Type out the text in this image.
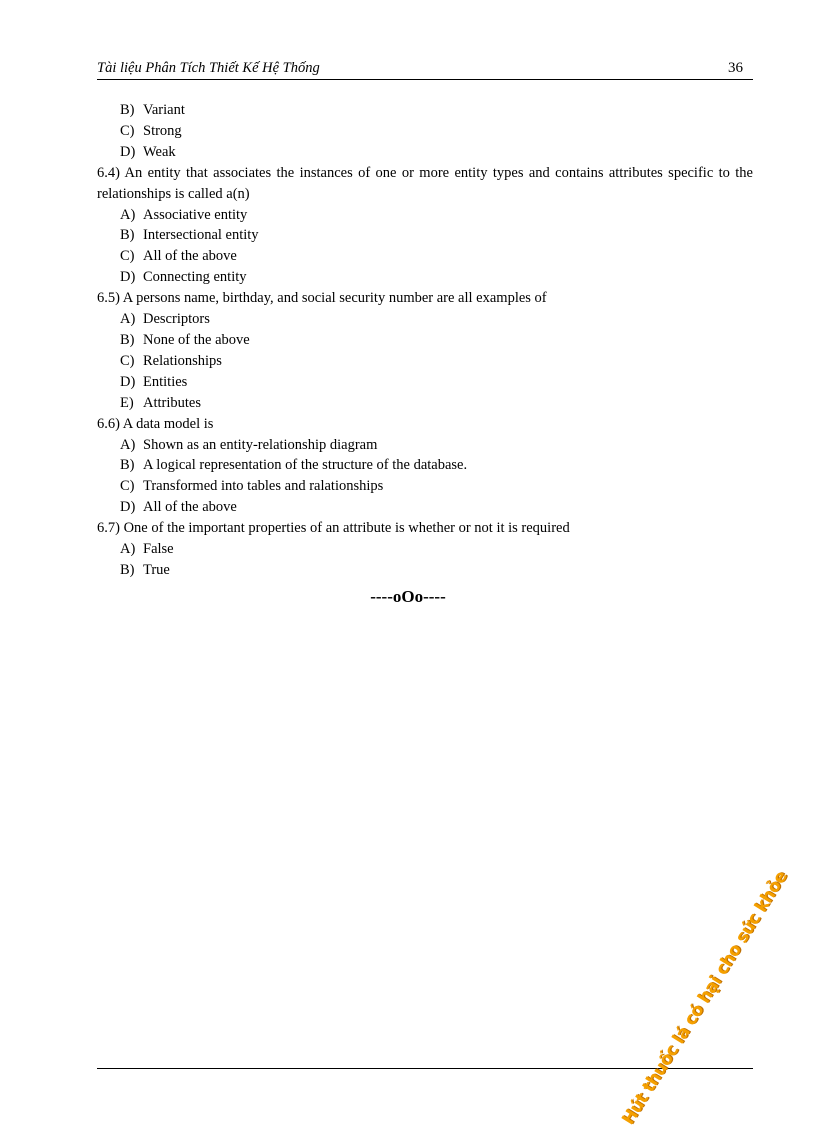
Tài liệu Phân Tích Thiết Kế Hệ Thống	36
B) Variant
C) Strong
D) Weak

6.4) An entity that associates the instances of one or more entity types and contains attributes specific to the relationships is called a(n)

A) Associative entity
B) Intersectional entity
C) All of the above
D) Connecting entity

6.5) A persons name, birthday, and social security number are all examples of

A) Descriptors
B) None of the above
C) Relationships
D) Entities
E) Attributes

6.6) A data model is

A) Shown as an entity-relationship diagram
B) A logical representation of the structure of the database.
C) Transformed into tables and ralationships
D) All of the above

6.7) One of the important properties of an attribute is whether or not it is required

A) False
B) True
----oOo----
Hút thuốc lá có hại cho sức khỏe
